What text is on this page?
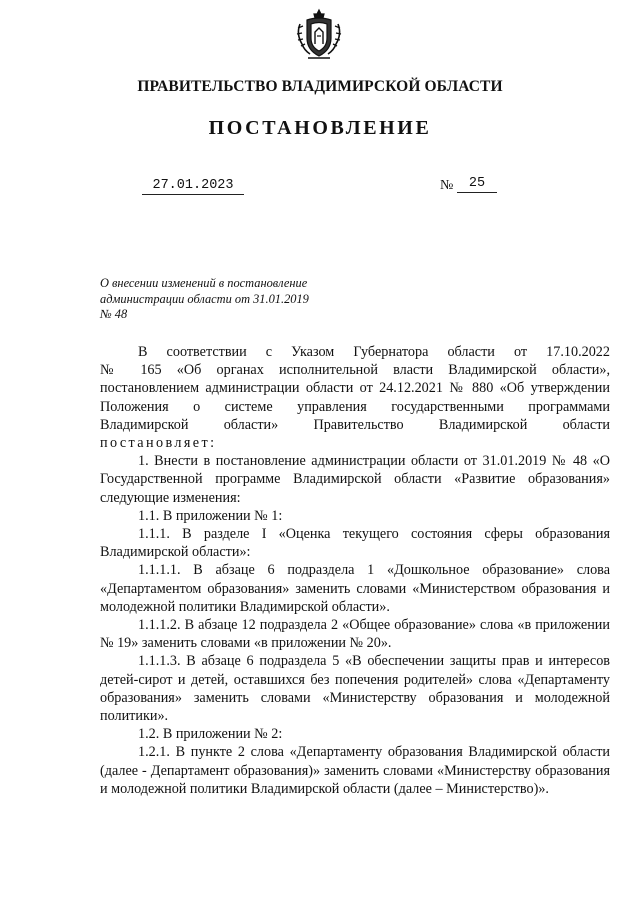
ПРАВИТЕЛЬСТВО ВЛАДИМИРСКОЙ ОБЛАСТИ
ПОСТАНОВЛЕНИЕ
27.01.2023	№	25
О внесении изменений в постановление
администрации области от 31.01.2019
№ 48

В соответствии с Указом Губернатора области от 17.10.2022

№ 165 «Об органах исполнительной власти Владимирской области»,

постановлением администрации области от 24.12.2021 № 880 «Об утверждении

Положения о системе управления государственными программами

Владимирской области» Правительство Владимирской области

постановляет:

1. Внести в постановление администрации области от 31.01.2019 № 48 «О Государственной программе Владимирской области «Развитие образования» следующие изменения:

1.1. В приложении № 1:

1.1.1. В разделе I «Оценка текущего состояния сферы образования Владимирской области»:

1.1.1.1. В абзаце 6 подраздела 1 «Дошкольное образование» слова «Департаментом образования» заменить словами «Министерством образования и молодежной политики Владимирской области».

1.1.1.2. В абзаце 12 подраздела 2 «Общее образование» слова «в приложении № 19» заменить словами «в приложении № 20».

1.1.1.3. В абзаце 6 подраздела 5 «В обеспечении защиты прав и интересов детей-сирот и детей, оставшихся без попечения родителей» слова «Департаменту образования» заменить словами «Министерству образования и молодежной политики».

1.2. В приложении № 2:

1.2.1. В пункте 2 слова «Департаменту образования Владимирской области (далее - Департамент образования)» заменить словами «Министерству образования и молодежной политики Владимирской области (далее – Министерство)».
